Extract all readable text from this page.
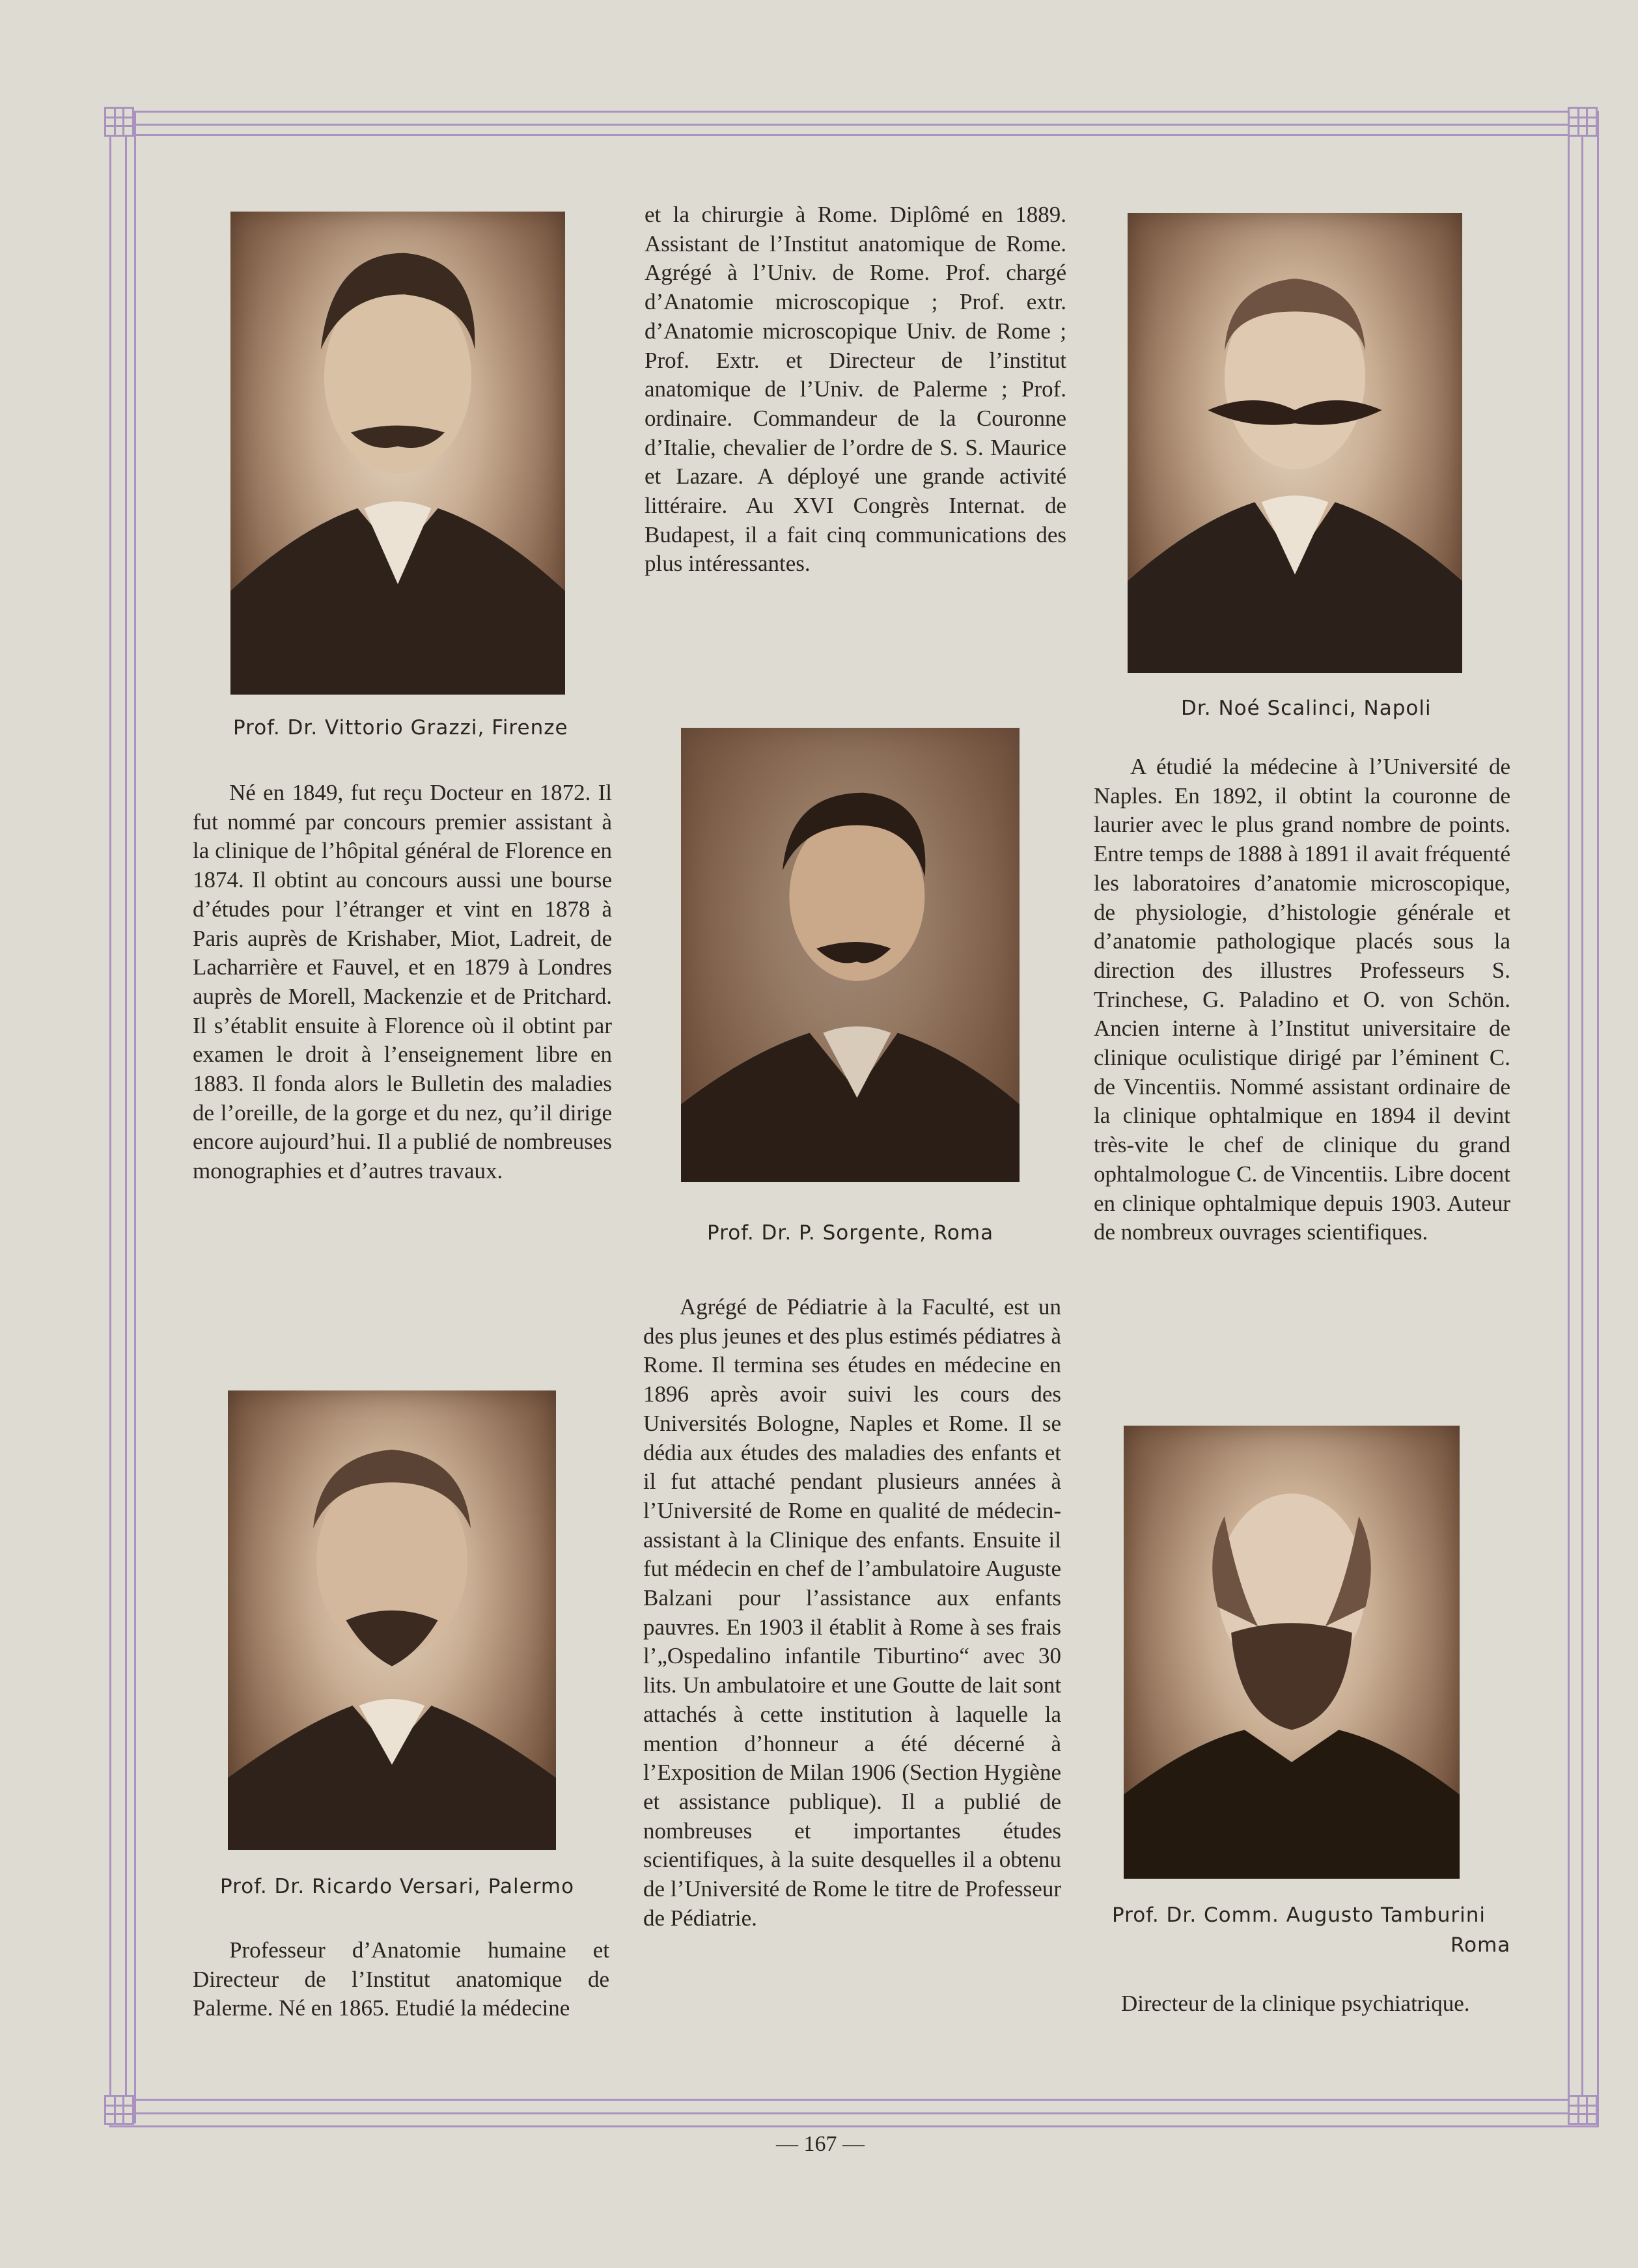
Prof. Dr. Vittorio Grazzi, Firenze

Né en 1849, fut reçu Docteur en 1872. Il fut nommé par concours premier assistant à la clinique de l’hôpital général de Florence en 1874. Il obtint au concours aussi une bourse d’études pour l’étranger et vint en 1878 à Paris auprès de Krishaber, Miot, Ladreit, de Lacharrière et Fauvel, et en 1879 à Londres auprès de Morell, Mackenzie et de Pritchard. Il s’établit ensuite à Florence où il obtint par examen le droit à l’enseignement libre en 1883. Il fonda alors le Bulletin des maladies de l’oreille, de la gorge et du nez, qu’il dirige encore aujourd’hui. Il a publié de nombreuses monographies et d’autres travaux.

et la chirurgie à Rome. Diplômé en 1889. Assistant de l’Institut anatomique de Rome. Agrégé à l’Univ. de Rome. Prof. chargé d’Anatomie microscopique ; Prof. extr. d’Anatomie microscopique Univ. de Rome ; Prof. Extr. et Directeur de l’institut anatomique de l’Univ. de Palerme ; Prof. ordinaire. Commandeur de la Couronne d’Italie, chevalier de l’ordre de S. S. Maurice et Lazare. A déployé une grande activité littéraire. Au XVI Congrès Internat. de Budapest, il a fait cinq communications des plus intéressantes.

Dr. Noé Scalinci, Napoli

A étudié la médecine à l’Université de Naples. En 1892, il obtint la couronne de laurier avec le plus grand nombre de points. Entre temps de 1888 à 1891 il avait fréquenté les laboratoires d’anatomie microscopique, de physiologie, d’histologie générale et d’anatomie pathologique placés sous la direction des illustres Professeurs S. Trinchese, G. Paladino et O. von Schön. Ancien interne à l’Institut universitaire de clinique oculistique dirigé par l’éminent C. de Vincentiis. Nommé assistant ordinaire de la clinique ophtalmique en 1894 il devint très-vite le chef de clinique du grand ophtalmologue C. de Vincentiis. Libre docent en clinique ophtalmique depuis 1903. Auteur de nombreux ouvrages scientifiques.

Prof. Dr. P. Sorgente, Roma

Agrégé de Pédiatrie à la Faculté, est un des plus jeunes et des plus estimés pédiatres à Rome. Il termina ses études en médecine en 1896 après avoir suivi les cours des Universités Bologne, Naples et Rome. Il se dédia aux études des maladies des enfants et il fut attaché pendant plusieurs années à l’Université de Rome en qualité de médecin-assistant à la Clinique des enfants. Ensuite il fut médecin en chef de l’ambulatoire Auguste Balzani pour l’assistance aux enfants pauvres. En 1903 il établit à Rome à ses frais l’„Ospedalino infantile Tiburtino“ avec 30 lits. Un ambulatoire et une Goutte de lait sont attachés à cette institution à laquelle la mention d’honneur a été décerné à l’Exposition de Milan 1906 (Section Hygiène et assistance publique). Il a publié de nombreuses et importantes études scientifiques, à la suite desquelles il a obtenu de l’Université de Rome le titre de Professeur de Pédiatrie.

Prof. Dr. Ricardo Versari, Palermo

Professeur d’Anatomie humaine et Directeur de l’Institut anatomique de Palerme. Né en 1865. Etudié la médecine

Prof. Dr. Comm. Augusto Tamburini
Roma

Directeur de la clinique psychiatrique.

— 167 —
